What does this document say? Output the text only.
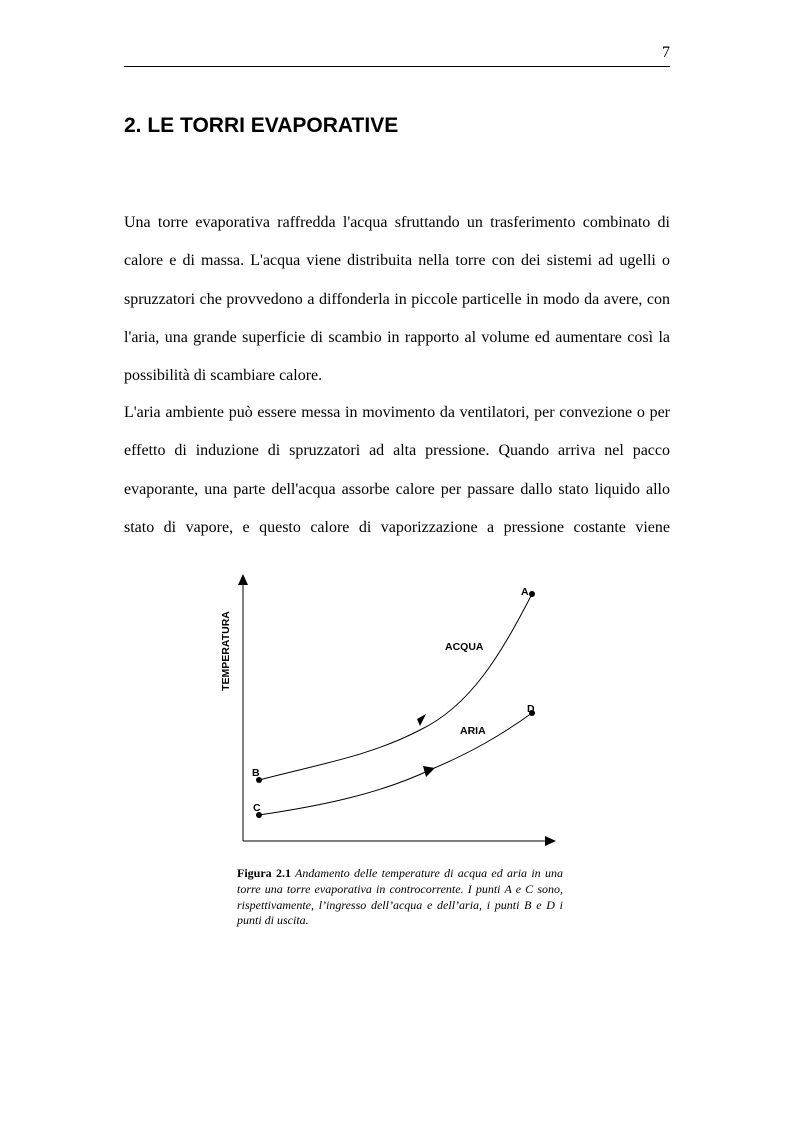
7
2. LE TORRI EVAPORATIVE

Una torre evaporativa raffredda l'acqua sfruttando un trasferimento combinato di calore e di massa. L'acqua viene distribuita nella torre con dei sistemi ad ugelli o spruzzatori che provvedono a diffonderla in piccole particelle in modo da avere, con l'aria, una grande superficie di scambio in rapporto al volume ed aumentare così la possibilità di scambiare calore.

L'aria ambiente può essere messa in movimento da ventilatori, per convezione o per effetto di induzione di spruzzatori ad alta pressione. Quando arriva nel pacco evaporante, una parte dell'acqua assorbe calore per passare dallo stato liquido allo stato di vapore, e questo calore di vaporizzazione a pressione costante viene

TEMPERATURA
A
B
C
D
ACQUA
ARIA

Figura 2.1 Andamento delle temperature di acqua ed aria in una torre una torre evaporativa in controcorrente. I punti A e C sono, rispettivamente, l’ingresso dell’acqua e dell’aria, i punti B e D i punti di uscita.
